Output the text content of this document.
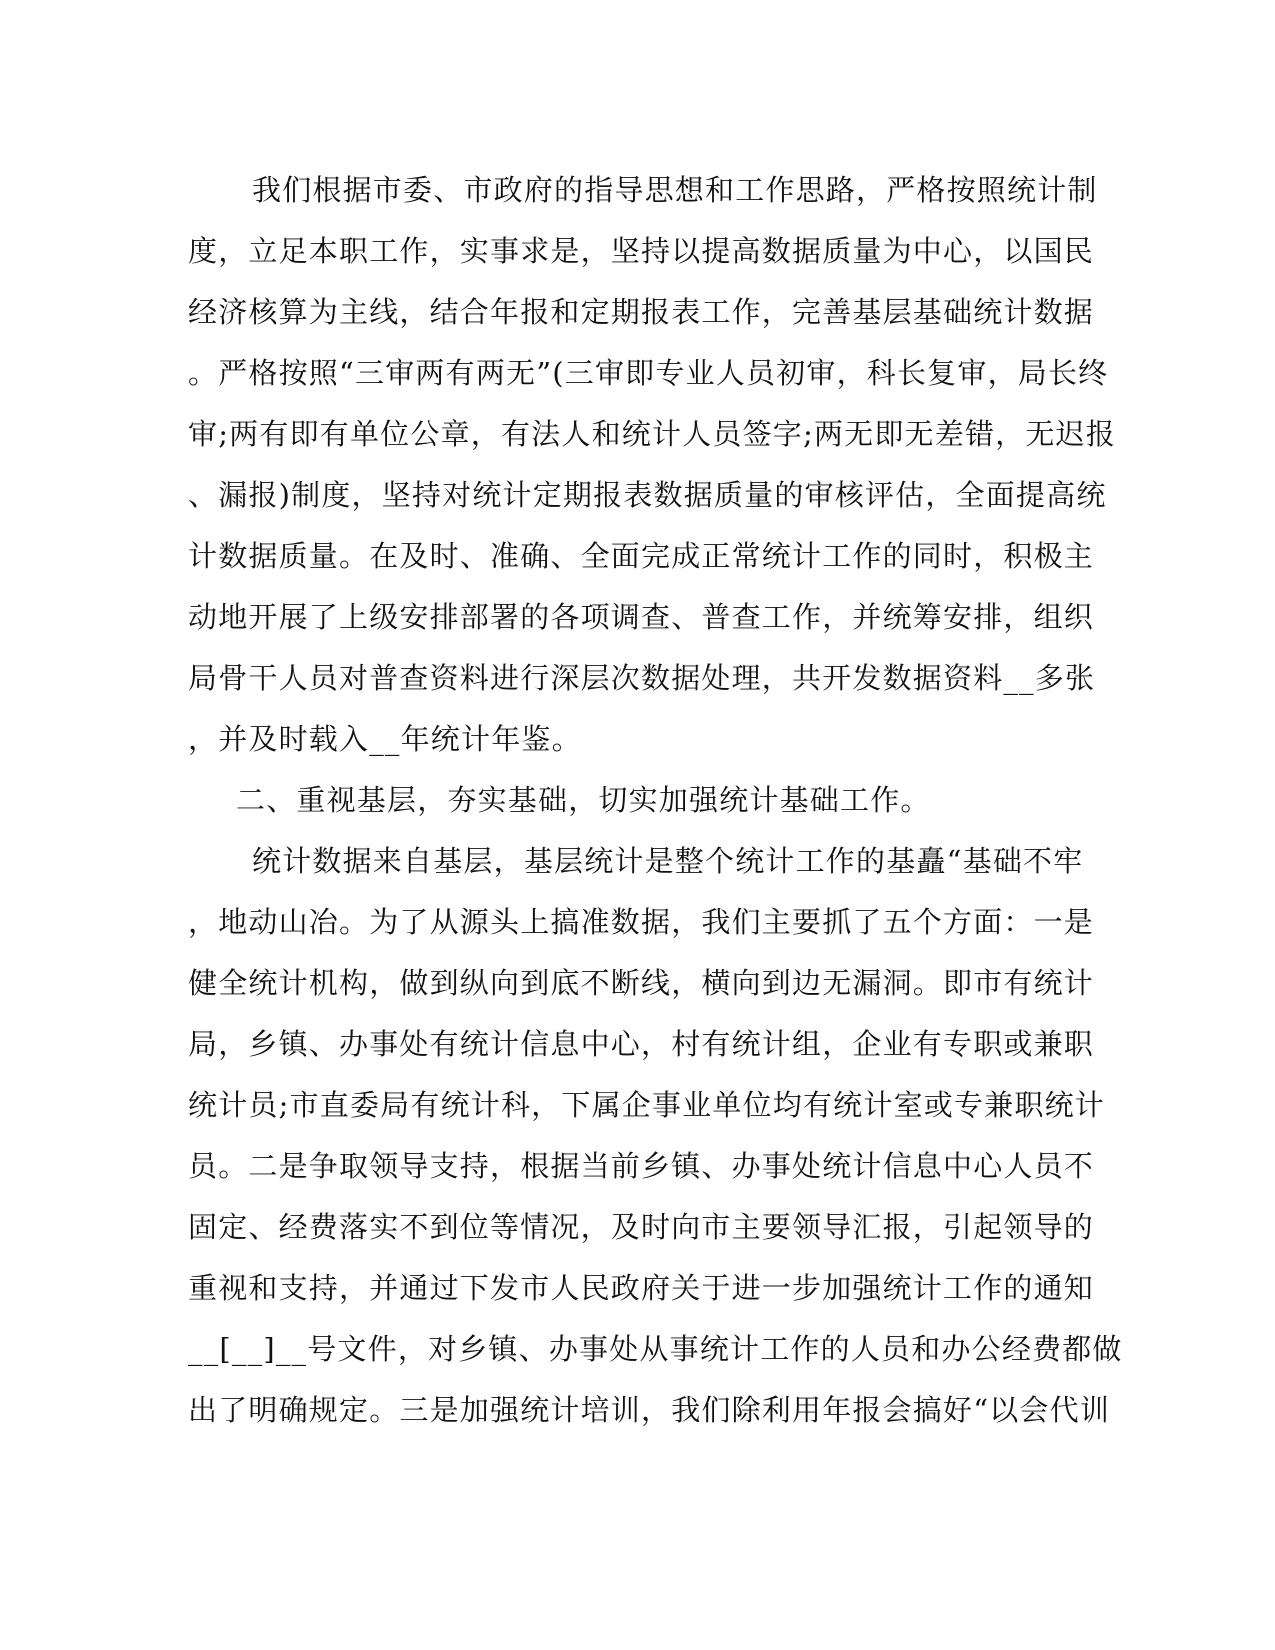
我们根据市委、市政府的指导思想和工作思路，严格按照统计制
度，立足本职工作，实事求是，坚持以提高数据质量为中心，以国民
经济核算为主线，结合年报和定期报表工作，完善基层基础统计数据
。严格按照“三审两有两无”(三审即专业人员初审，科长复审，局长终
审;两有即有单位公章，有法人和统计人员签字;两无即无差错，无迟报
、漏报)制度，坚持对统计定期报表数据质量的审核评估，全面提高统
计数据质量。在及时、准确、全面完成正常统计工作的同时，积极主
动地开展了上级安排部署的各项调查、普查工作，并统筹安排，组织
局骨干人员对普查资料进行深层次数据处理，共开发数据资料__多张
，并及时载入__年统计年鉴。
二、重视基层，夯实基础，切实加强统计基础工作。
统计数据来自基层，基层统计是整个统计工作的基矗“基础不牢
，地动山冶。为了从源头上搞准数据，我们主要抓了五个方面：一是
健全统计机构，做到纵向到底不断线，横向到边无漏洞。即市有统计
局，乡镇、办事处有统计信息中心，村有统计组，企业有专职或兼职
统计员;市直委局有统计科，下属企事业单位均有统计室或专兼职统计
员。二是争取领导支持，根据当前乡镇、办事处统计信息中心人员不
固定、经费落实不到位等情况，及时向市主要领导汇报，引起领导的
重视和支持，并通过下发市人民政府关于进一步加强统计工作的通知
__[__]__号文件，对乡镇、办事处从事统计工作的人员和办公经费都做
出了明确规定。三是加强统计培训，我们除利用年报会搞好“以会代训
